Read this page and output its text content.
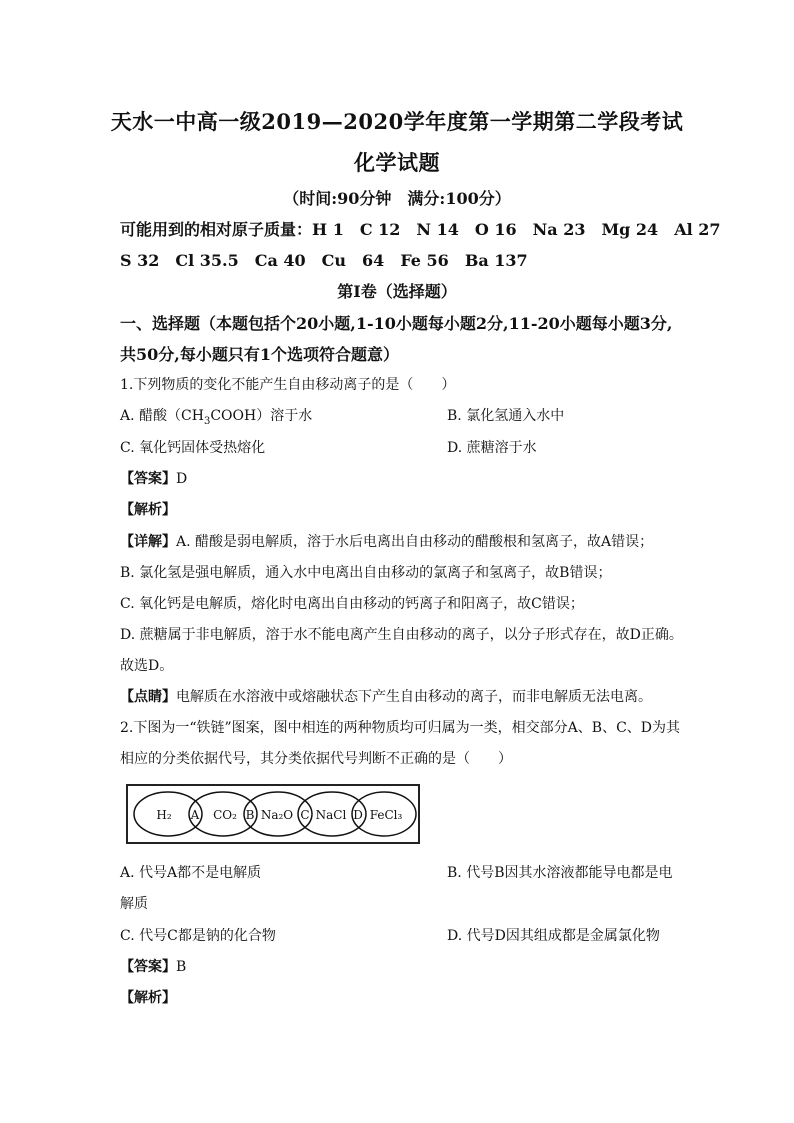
天水一中高一级2019—2020学年度第一学期第二学段考试
化学试题
（时间:90分钟　满分:100分）
可能用到的相对原子质量：H 1　C 12　N 14　O 16　Na 23　Mg 24　Al 27
S 32　Cl 35.5　Ca 40　Cu　64　Fe 56　Ba 137
第I卷（选择题）
一、选择题（本题包括个20小题,1-10小题每小题2分,11-20小题每小题3分,
共50分,每小题只有1个选项符合题意）
1.下列物质的变化不能产生自由移动离子的是（　　）
A. 醋酸$(CH_3COOH)$溶于水	B. 氯化氢通入水中
C. 氧化钙固体受热熔化	D. 蔗糖溶于水
【答案】D
【解析】
【详解】A. 醋酸是弱电解质，溶于水后电离出自由移动的醋酸根和氢离子，故A错误；
B. 氯化氢是强电解质，通入水中电离出自由移动的氯离子和氢离子，故B错误；
C. 氧化钙是电解质，熔化时电离出自由移动的钙离子和阳离子，故C错误；
D. 蔗糖属于非电解质，溶于水不能电离产生自由移动的离子，以分子形式存在，故D正确。
故选D。
【点睛】电解质在水溶液中或熔融状态下产生自由移动的离子，而非电解质无法电离。
2.下图为一“铁链”图案，图中相连的两种物质均可归属为一类，相交部分A、B、C、D为其
相应的分类依据代号，其分类依据代号判断不正确的是（　　）
H₂	CO₂ Na₂O NaCl FeCl₃
A	B	C	D
A. 代号A都不是电解质	B. 代号B因其水溶液都能导电都是电
解质
C. 代号C都是钠的化合物	D. 代号D因其组成都是金属氯化物
【答案】B
【解析】
